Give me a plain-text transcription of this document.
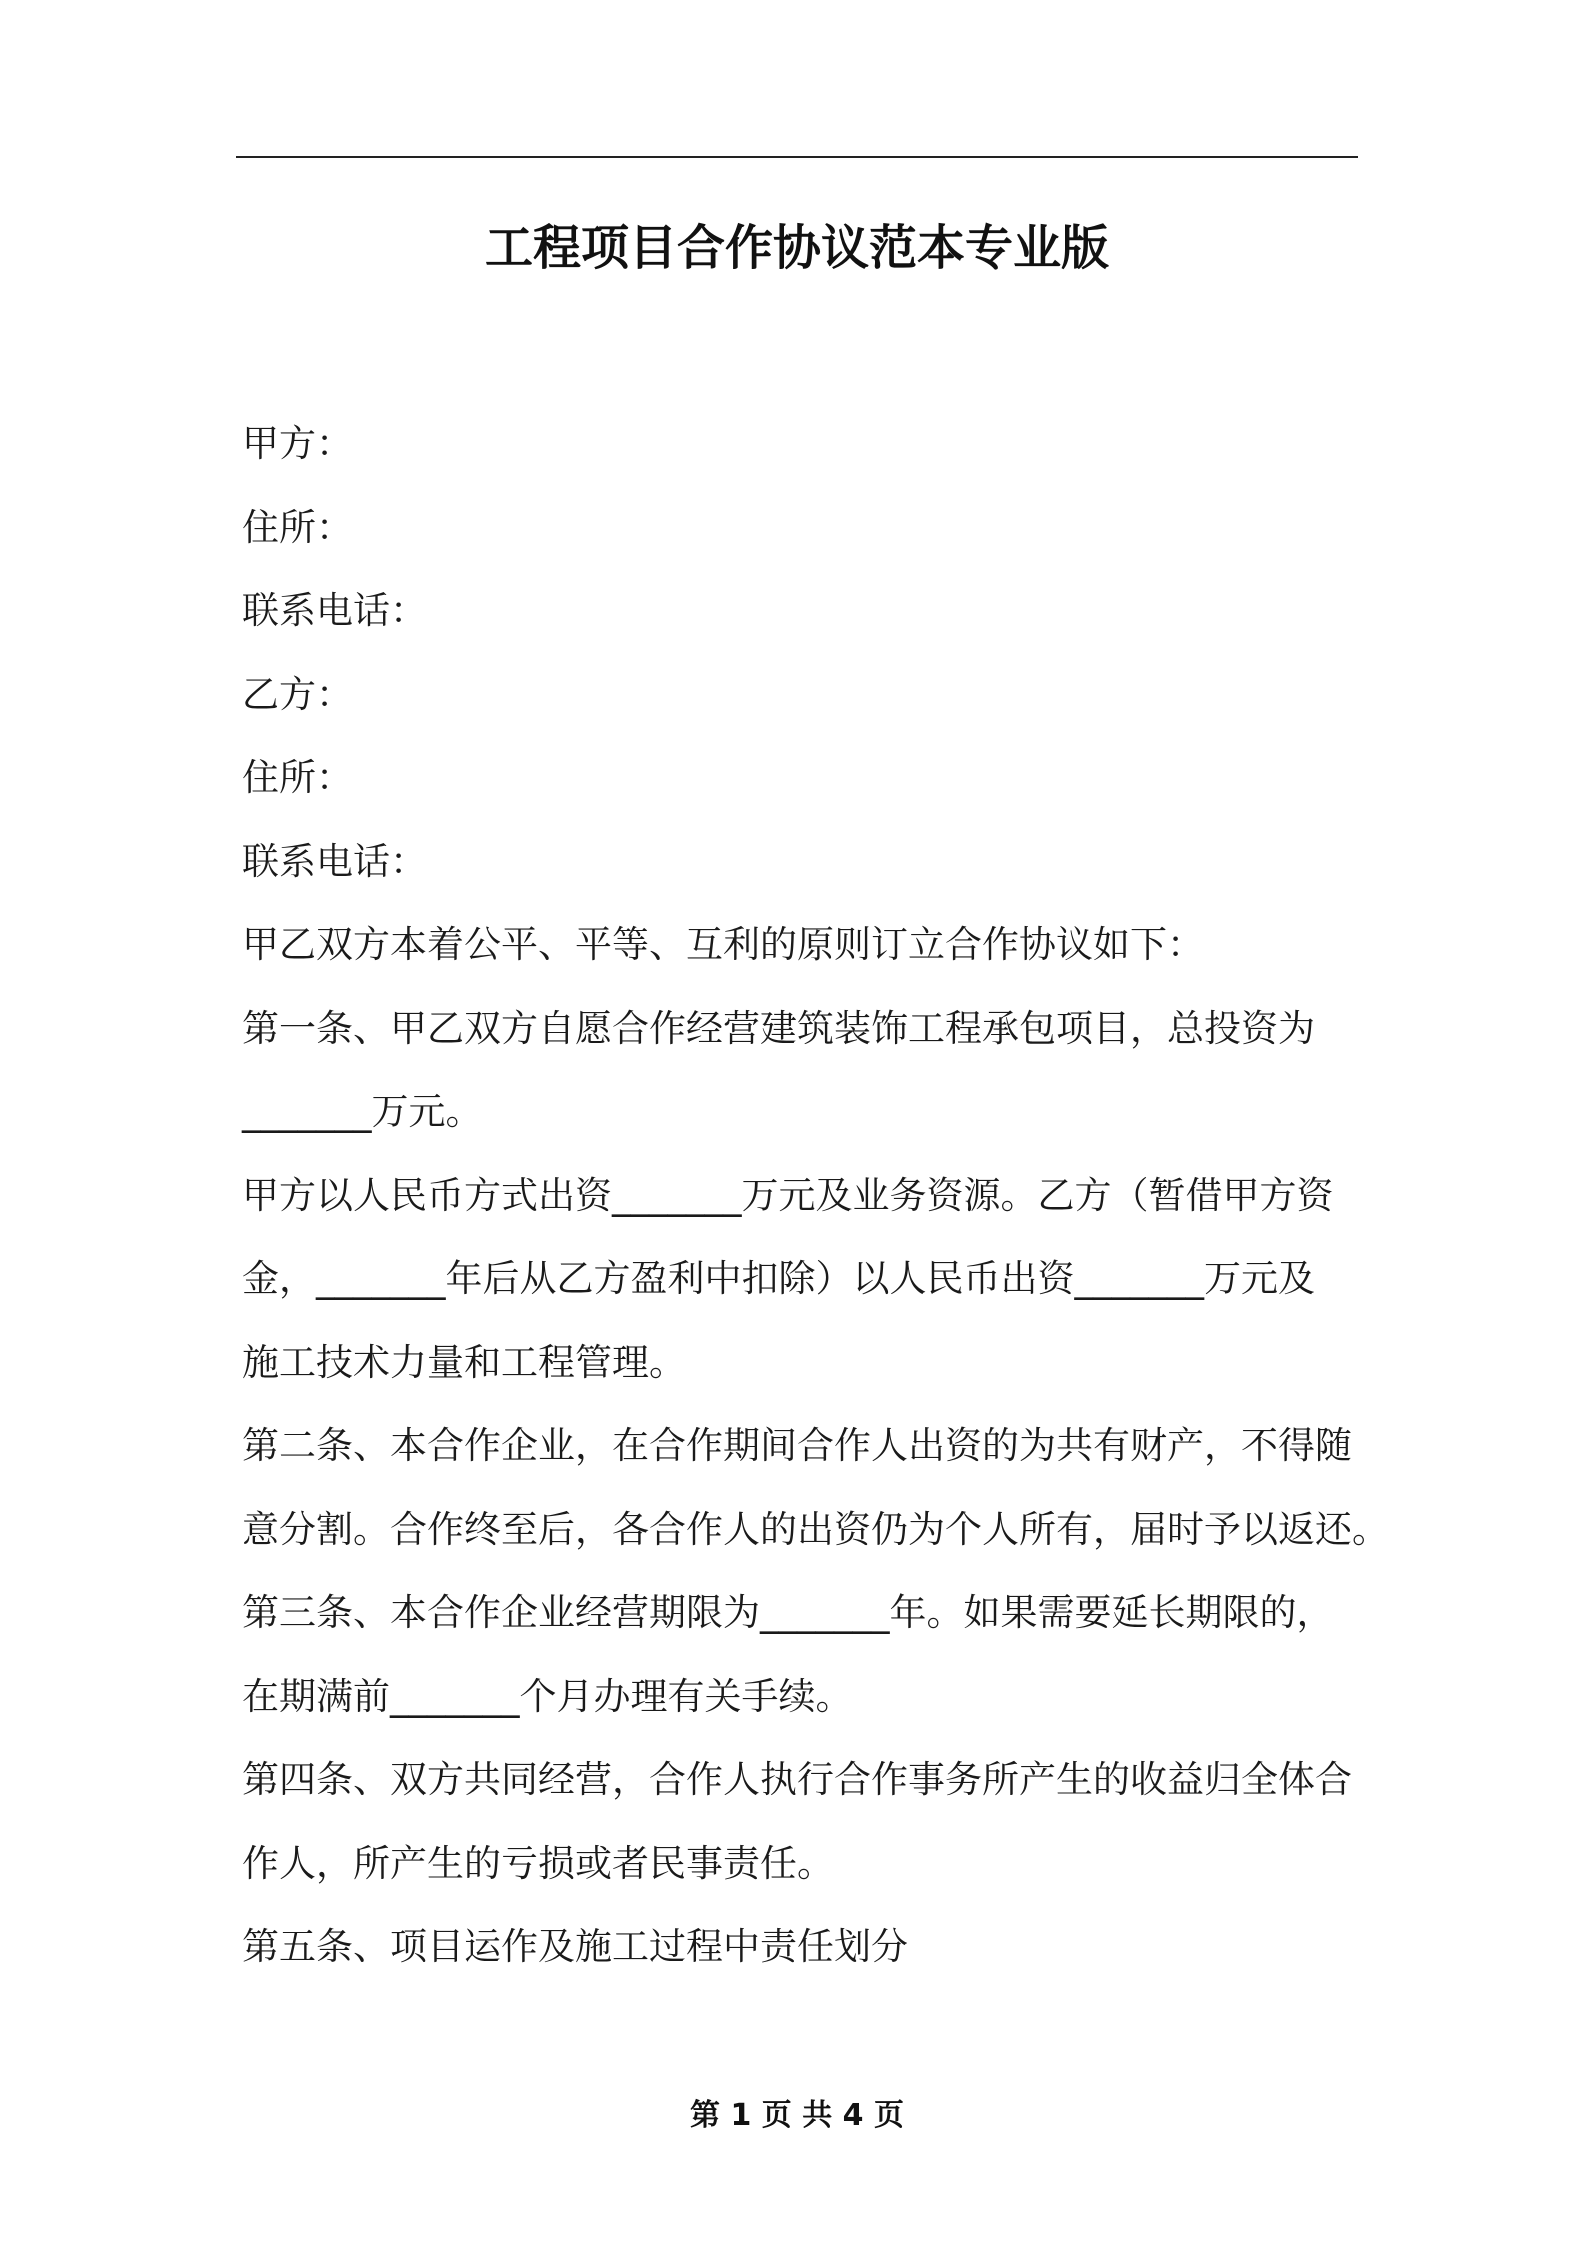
工程项目合作协议范本专业版
甲方：
住所：
联系电话：
乙方：
住所：
联系电话：
甲乙双方本着公平、平等、互利的原则订立合作协议如下：
第一条、甲乙双方自愿合作经营建筑装饰工程承包项目，总投资为
_______万元。
甲方以人民币方式出资_______万元及业务资源。乙方（暂借甲方资
金，_______年后从乙方盈利中扣除）以人民币出资_______万元及
施工技术力量和工程管理。
第二条、本合作企业，在合作期间合作人出资的为共有财产，不得随
意分割。合作终至后，各合作人的出资仍为个人所有，届时予以返还。
第三条、本合作企业经营期限为_______年。如果需要延长期限的，
在期满前_______个月办理有关手续。
第四条、双方共同经营，合作人执行合作事务所产生的收益归全体合
作人，所产生的亏损或者民事责任。
第五条、项目运作及施工过程中责任划分
第 1 页 共 4 页
